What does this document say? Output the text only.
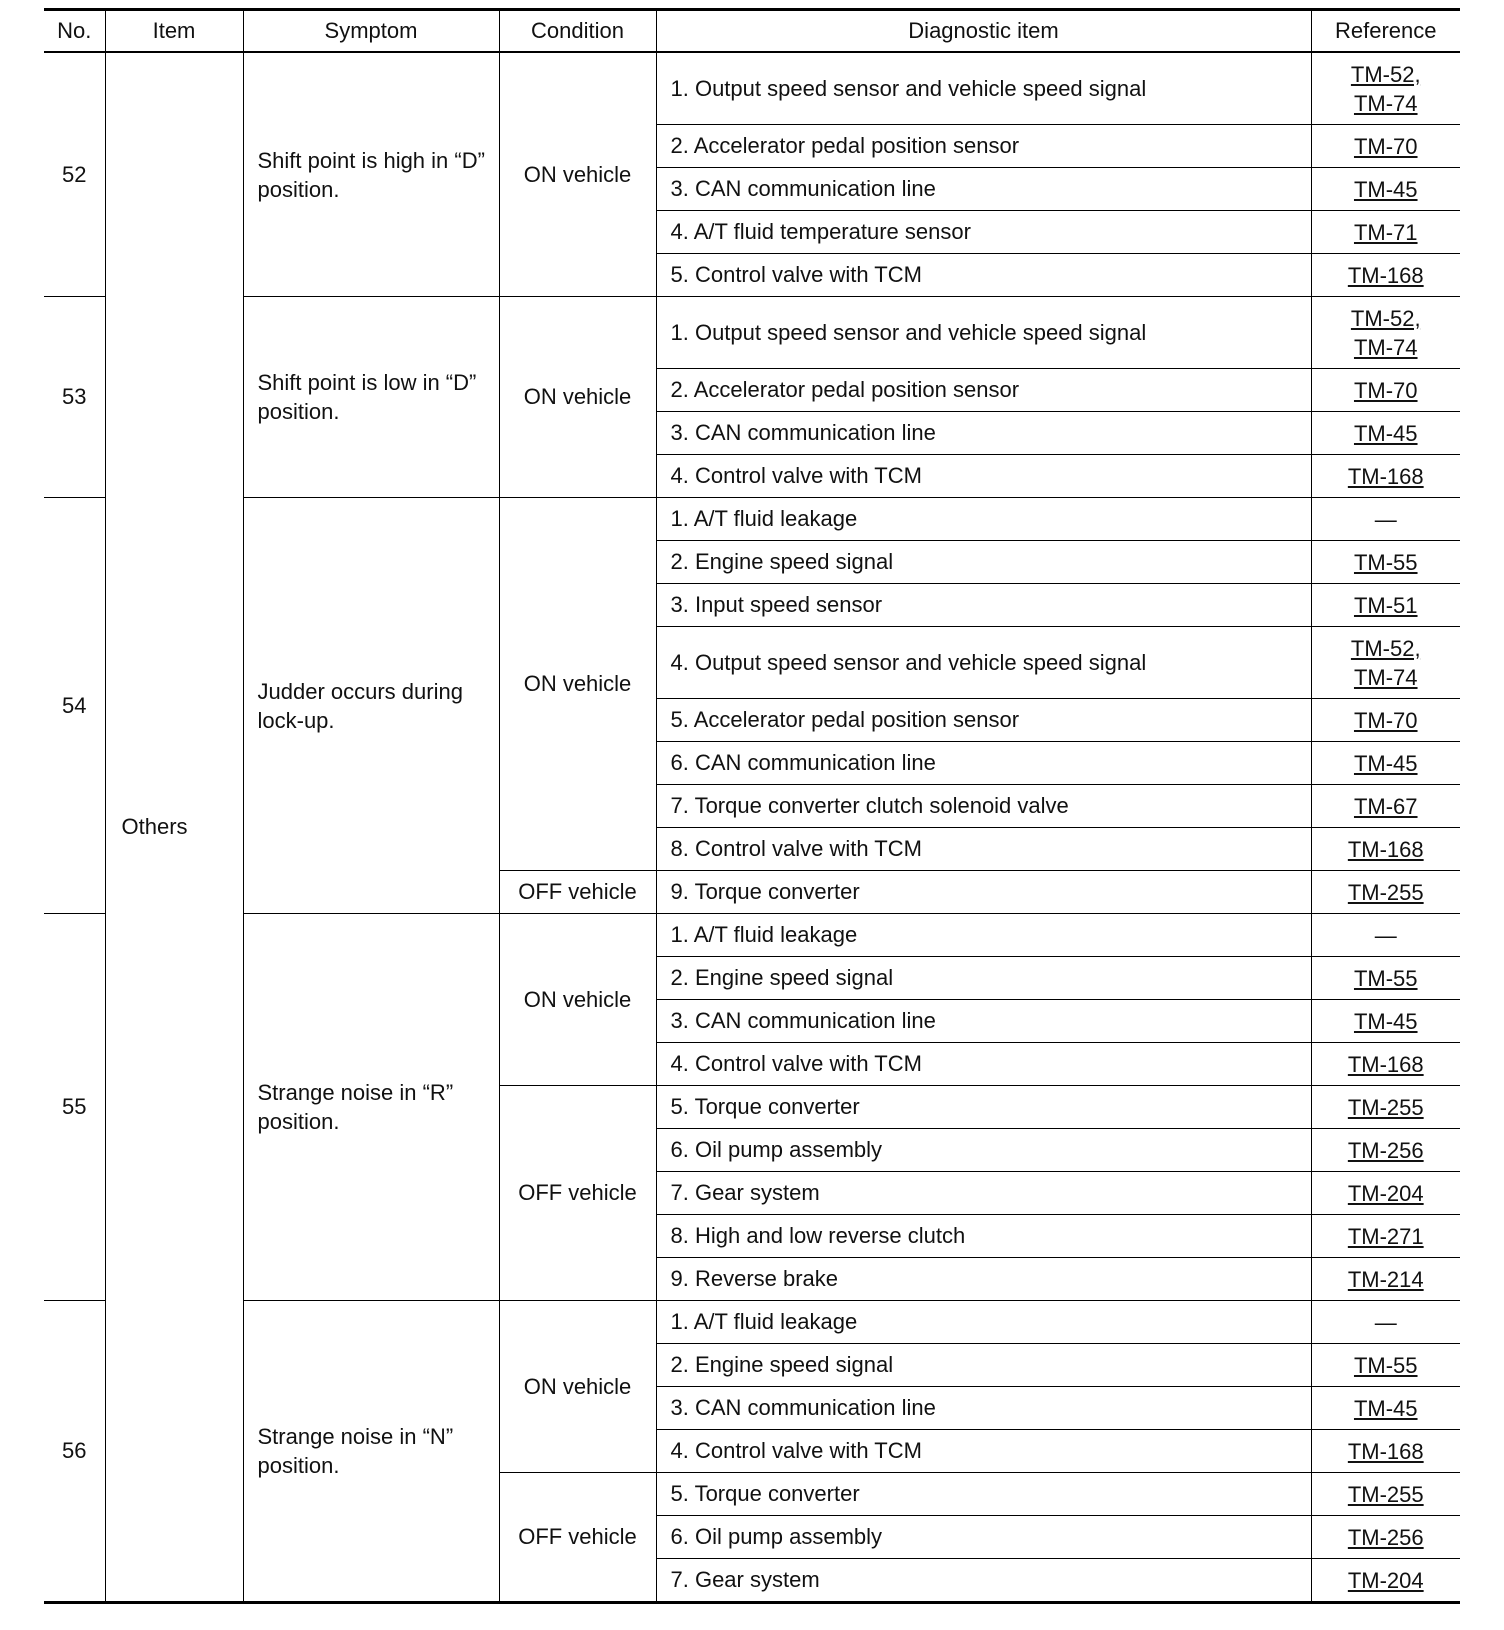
No.	Item	Symptom	Condition	Diagnostic item	Reference
52	Others	Shift point is high in “D” position.	ON vehicle	1. Output speed sensor and vehicle speed signal	TM-52,
TM-74
				2. Accelerator pedal position sensor	TM-70
				3. CAN communication line	TM-45
				4. A/T fluid temperature sensor	TM-71
				5. Control valve with TCM	TM-168
53		Shift point is low in “D” position.	ON vehicle	1. Output speed sensor and vehicle speed signal	TM-52,
TM-74
				2. Accelerator pedal position sensor	TM-70
				3. CAN communication line	TM-45
				4. Control valve with TCM	TM-168
54		Judder occurs during lock-up.	ON vehicle	1. A/T fluid leakage	—
				2. Engine speed signal	TM-55
				3. Input speed sensor	TM-51
				4. Output speed sensor and vehicle speed signal	TM-52,
TM-74
				5. Accelerator pedal position sensor	TM-70
				6. CAN communication line	TM-45
				7. Torque converter clutch solenoid valve	TM-67
				8. Control valve with TCM	TM-168
			OFF vehicle	9. Torque converter	TM-255
55		Strange noise in “R” position.	ON vehicle	1. A/T fluid leakage	—
				2. Engine speed signal	TM-55
				3. CAN communication line	TM-45
				4. Control valve with TCM	TM-168
			OFF vehicle	5. Torque converter	TM-255
				6. Oil pump assembly	TM-256
				7. Gear system	TM-204
				8. High and low reverse clutch	TM-271
				9. Reverse brake	TM-214
56		Strange noise in “N” position.	ON vehicle	1. A/T fluid leakage	—
				2. Engine speed signal	TM-55
				3. CAN communication line	TM-45
				4. Control valve with TCM	TM-168
			OFF vehicle	5. Torque converter	TM-255
				6. Oil pump assembly	TM-256
				7. Gear system	TM-204
